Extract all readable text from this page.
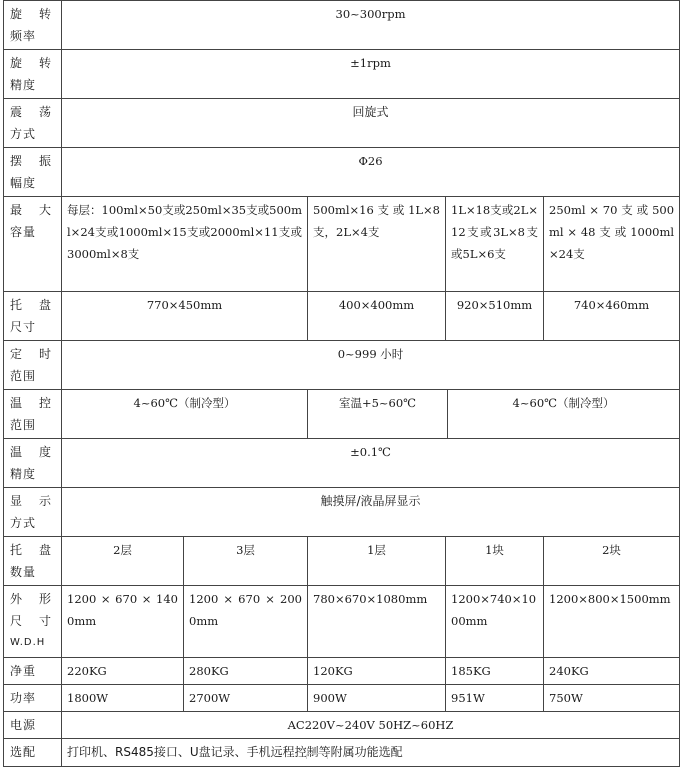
旋 转
频率	30~300rpm					

旋 转
精度	±1rpm					

震 荡
方式	回旋式					

摆 振
幅度	Φ26					

最 大
容量	每层：100ml×50支或250ml×35支或500ml×24支或1000ml×15支或2000ml×11支或3000ml×8支		500ml×16支或1L×8支，2L×4支	1L×18支或2L×12支或3L×8支或5L×6支		250ml × 70 支 或 500ml × 48 支 或 1000ml×24支

托 盘
尺寸	770×450mm		400×400mm	920×510mm		740×460mm

定 时
范围	0~999 小时					

温 控
范围	4~60℃（制冷型）		室温+5~60℃		4~60℃（制冷型）	

温 度
精度	±0.1℃					

显 示
方式	触摸屏/液晶屏显示					

托 盘
数量	2层	3层	1层	1块		2块

外 形
尺 寸
W.D.H	1200 × 670 × 1400mm	1200 × 670 × 2000mm	780×670×1080mm	1200×740×1000mm		1200×800×1500mm
净重	220KG	280KG	120KG	185KG		240KG
功率	1800W	2700W	900W	951W		750W
电源	AC220V~240V 50HZ~60HZ					
选配	打印机、RS485接口、U盘记录、手机远程控制等附属功能选配					
